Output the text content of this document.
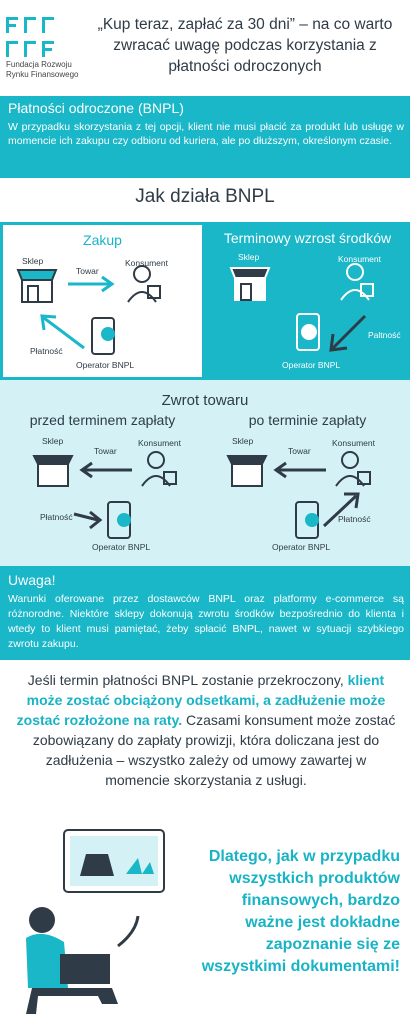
Fundacja Rozwoju
Rynku Finansowego
„Kup teraz, zapłać za 30 dni” – na co warto zwracać uwagę podczas korzystania z płatności odroczonych
Płatności odroczone (BNPL)
W przypadku skorzystania z tej opcji, klient nie musi płacić za produkt lub usługę w momencie ich zakupu czy odbioru od kuriera, ale po dłuższym, określonym czasie.
Jak działa BNPL
Zakup
Sklep
Towar
Konsument
Płatność
Operator BNPL
Terminowy wzrost środków
Sklep	Konsument
Paltność
Operator BNPL
Zwrot towaru
przed terminem zapłaty	po terminie zapłaty
Sklep
Towar
Konsument
Płatność
Operator BNPL
Sklep
Towar
Konsument
Płatność
Operator BNPL
Uwaga!
Warunki oferowane przez dostawców BNPL oraz platformy e-commerce są różnorodne. Niektóre sklepy dokonują zwrotu środków bezpośrednio do klienta i wtedy to klient musi pamiętać, żeby spłacić BNPL, nawet w sytuacji szybkiego zwrotu zakupu.
Jeśli termin płatności BNPL zostanie przekroczony, klient może zostać obciążony odsetkami, a zadłużenie może zostać rozłożone na raty. Czasami konsument może zostać zobowiązany do zapłaty prowizji, która doliczana jest do zadłużenia – wszystko zależy od umowy zawartej w momencie skorzystania z usługi.
Dlatego, jak w przypadku wszystkich produktów finansowych, bardzo ważne jest dokładne zapoznanie się ze wszystkimi dokumentami!
